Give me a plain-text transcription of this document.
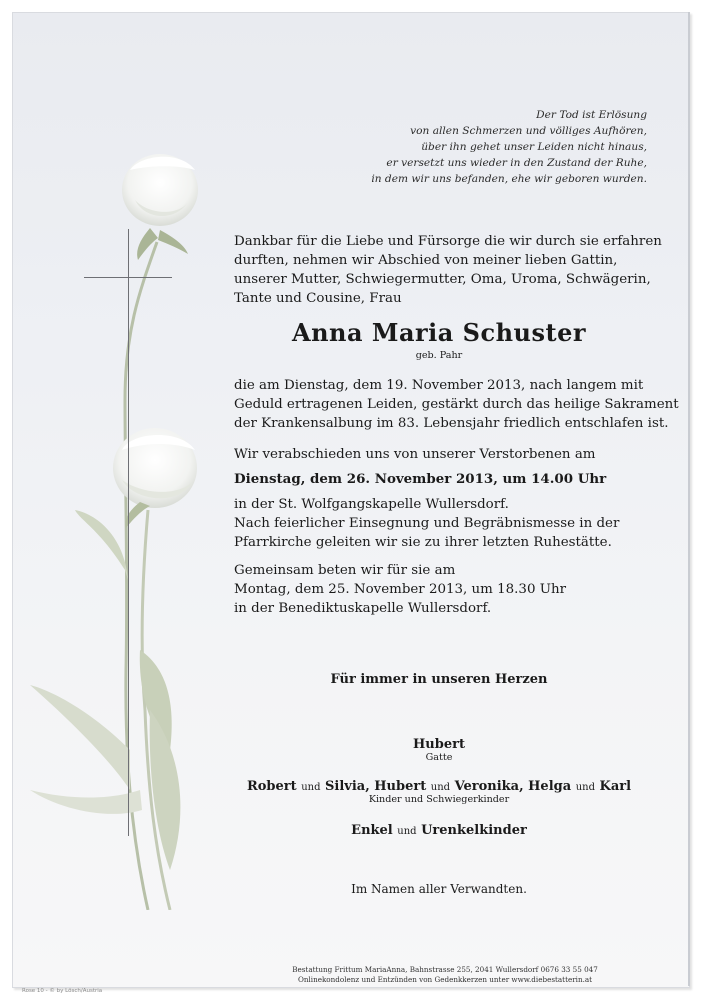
Der Tod ist Erlösung
von allen Schmerzen und völliges Aufhören,
über ihn gehet unser Leiden nicht hinaus,
er versetzt uns wieder in den Zustand der Ruhe,
in dem wir uns befanden, ehe wir geboren wurden.
Dankbar für die Liebe und Fürsorge die wir durch sie erfahren
durften, nehmen wir Abschied von meiner lieben Gattin,
unserer Mutter, Schwiegermutter, Oma, Uroma, Schwägerin,
Tante und Cousine, Frau
Anna Maria Schuster
geb. Pahr
die am Dienstag, dem 19. November 2013, nach langem mit
Geduld ertragenen Leiden, gestärkt durch das heilige Sakrament
der Krankensalbung im 83. Lebensjahr friedlich entschlafen ist.
Wir verabschieden uns von unserer Verstorbenen am
Dienstag, dem 26. November 2013, um 14.00 Uhr
in der St. Wolfgangskapelle Wullersdorf.
Nach feierlicher Einsegnung und Begräbnismesse in der
Pfarrkirche geleiten wir sie zu ihrer letzten Ruhestätte.
Gemeinsam beten wir für sie am
Montag, dem 25. November 2013, um 18.30 Uhr
in der Benediktuskapelle Wullersdorf.
Für immer in unseren Herzen
Hubert
Gatte
Robert und Silvia, Hubert und Veronika, Helga und Karl
Kinder und Schwiegerkinder
Enkel und Urenkelkinder
Im Namen aller Verwandten.
Bestattung Frittum MariaAnna, Bahnstrasse 255, 2041 Wullersdorf 0676 33 55 047
Onlinekondolenz und Entzünden von Gedenkkerzen unter www.diebestatterin.at
Rose 10 - © by Lösch/Austria
